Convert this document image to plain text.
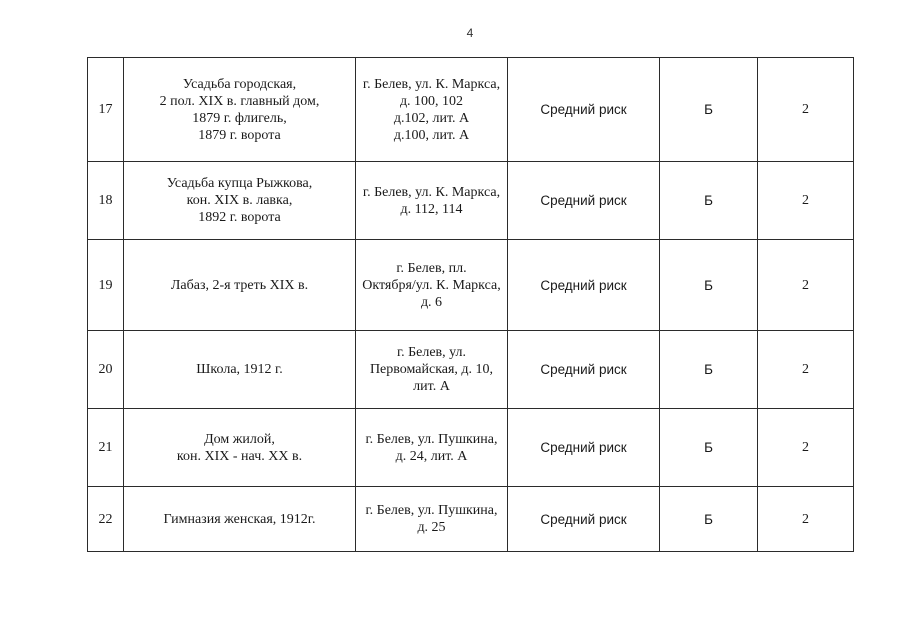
4
17	Усадьба городская,
2 пол. XIX в. главный дом,
1879 г. флигель,
1879 г. ворота	г. Белев, ул. К. Маркса,
д. 100, 102
д.102, лит. А
д.100, лит. А	Средний риск	Б	2
18	Усадьба купца Рыжкова,
кон. XIX в. лавка,
1892 г. ворота	г. Белев, ул. К. Маркса,
д. 112, 114	Средний риск	Б	2
19	Лабаз, 2-я треть XIX в.	г. Белев, пл.
Октября/ул. К. Маркса,
д. 6	Средний риск	Б	2
20	Школа, 1912 г.	г. Белев, ул.
Первомайская, д. 10,
лит. А	Средний риск	Б	2
21	Дом жилой,
кон. XIX - нач. XX в.	г. Белев, ул. Пушкина,
д. 24, лит. А	Средний риск	Б	2
22	Гимназия женская, 1912г.	г. Белев, ул. Пушкина,
д. 25	Средний риск	Б	2
